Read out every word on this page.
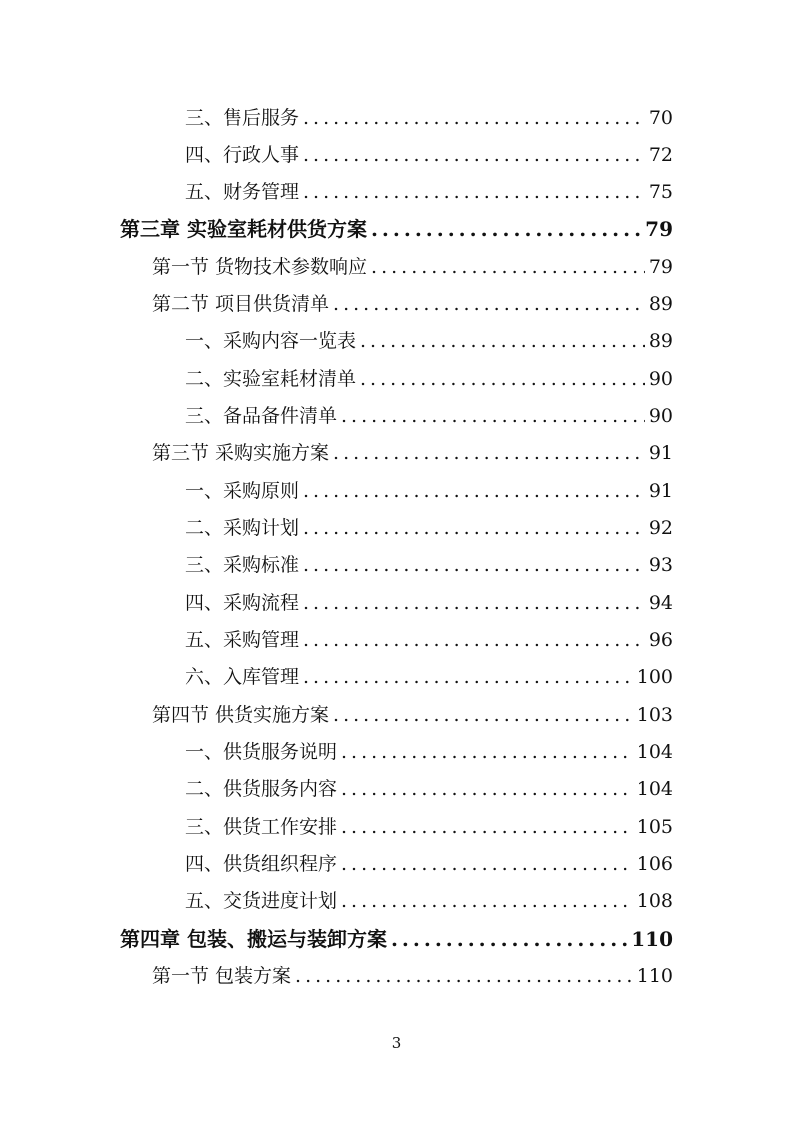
三、售后服务 .....	70
四、行政人事 .....	72
五、财务管理 .....	75
第三章 实验室耗材供货方案 .....	79
第一节 货物技术参数响应 .....	79
第二节 项目供货清单 .....	89
一、采购内容一览表 .....	89
二、实验室耗材清单 .....	90
三、备品备件清单 .....	90
第三节 采购实施方案 .....	91
一、采购原则 .....	91
二、采购计划 .....	92
三、采购标准 .....	93
四、采购流程 .....	94
五、采购管理 .....	96
六、入库管理 .....	100
第四节 供货实施方案 .....	103
一、供货服务说明 .....	104
二、供货服务内容 .....	104
三、供货工作安排 .....	105
四、供货组织程序 .....	106
五、交货进度计划 .....	108
第四章 包装、搬运与装卸方案 .....	110
第一节 包装方案 .....	110
3
